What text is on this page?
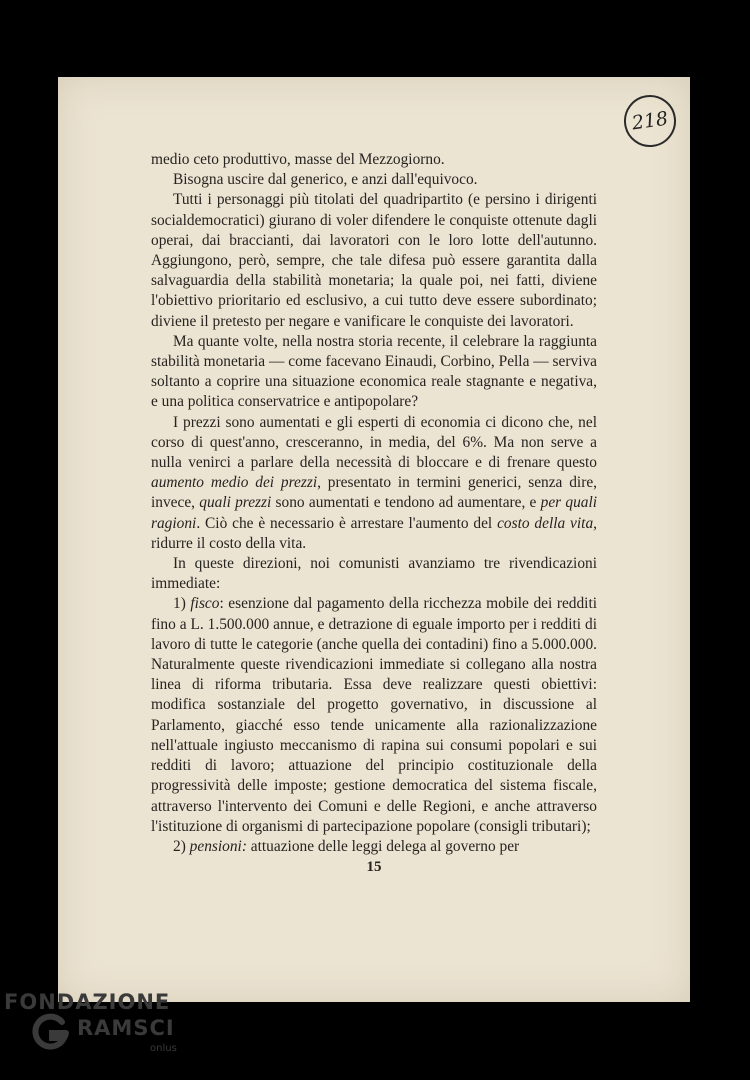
218

medio ceto produttivo, masse del Mezzogiorno.

Bisogna uscire dal generico, e anzi dall'equivoco.

Tutti i personaggi più titolati del quadripartito (e persino i dirigenti socialdemocratici) giurano di voler difendere le conquiste ottenute dagli operai, dai braccianti, dai lavoratori con le loro lotte dell'autunno. Aggiungono, però, sempre, che tale difesa può essere garantita dalla salvaguardia della stabilità monetaria; la quale poi, nei fatti, diviene l'obiettivo prioritario ed esclusivo, a cui tutto deve essere subordinato; diviene il pretesto per negare e vanificare le conquiste dei lavoratori.

Ma quante volte, nella nostra storia recente, il celebrare la raggiunta stabilità monetaria — come facevano Einaudi, Corbino, Pella — serviva soltanto a coprire una situazione economica reale stagnante e negativa, e una politica conservatrice e antipopolare?

I prezzi sono aumentati e gli esperti di economia ci dicono che, nel corso di quest'anno, cresceranno, in media, del 6%. Ma non serve a nulla venirci a parlare della necessità di bloccare e di frenare questo aumento medio dei prezzi, presentato in termini generici, senza dire, invece, quali prezzi sono aumentati e tendono ad aumentare, e per quali ragioni. Ciò che è necessario è arrestare l'aumento del costo della vita, ridurre il costo della vita.

In queste direzioni, noi comunisti avanziamo tre rivendicazioni immediate:

1) fisco: esenzione dal pagamento della ricchezza mobile dei redditi fino a L. 1.500.000 annue, e detrazione di eguale importo per i redditi di lavoro di tutte le categorie (anche quella dei contadini) fino a 5.000.000. Naturalmente queste rivendicazioni immediate si collegano alla nostra linea di riforma tributaria. Essa deve realizzare questi obiettivi: modifica sostanziale del progetto governativo, in discussione al Parlamento, giacché esso tende unicamente alla razionalizzazione nell'attuale ingiusto meccanismo di rapina sui consumi popolari e sui redditi di lavoro; attuazione del principio costituzionale della progressività delle imposte; gestione democratica del sistema fiscale, attraverso l'intervento dei Comuni e delle Regioni, e anche attraverso l'istituzione di organismi di partecipazione popolare (consigli tributari);

2) pensioni: attuazione delle leggi delega al governo per

15
FONDAZIONE
RAMSCI
onlus
